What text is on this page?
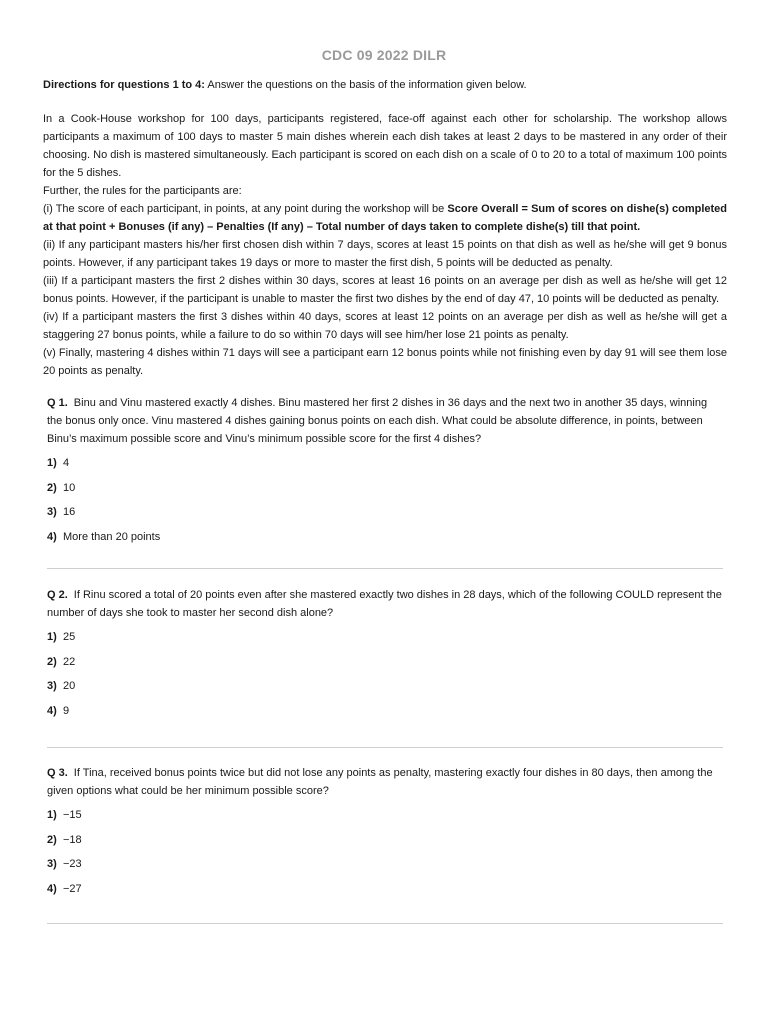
CDC 09 2022 DILR
Directions for questions 1 to 4: Answer the questions on the basis of the information given below.

In a Cook-House workshop for 100 days, participants registered, face-off against each other for scholarship. The workshop allows participants a maximum of 100 days to master 5 main dishes wherein each dish takes at least 2 days to be mastered in any order of their choosing. No dish is mastered simultaneously. Each participant is scored on each dish on a scale of 0 to 20 to a total of maximum 100 points for the 5 dishes.

Further, the rules for the participants are:

(i) The score of each participant, in points, at any point during the workshop will be Score Overall = Sum of scores on dishe(s) completed at that point + Bonuses (if any) – Penalties (If any) – Total number of days taken to complete dishe(s) till that point.

(ii) If any participant masters his/her first chosen dish within 7 days, scores at least 15 points on that dish as well as he/she will get 9 bonus points. However, if any participant takes 19 days or more to master the first dish, 5 points will be deducted as penalty.

(iii) If a participant masters the first 2 dishes within 30 days, scores at least 16 points on an average per dish as well as he/she will get 12 bonus points. However, if the participant is unable to master the first two dishes by the end of day 47, 10 points will be deducted as penalty.

(iv) If a participant masters the first 3 dishes within 40 days, scores at least 12 points on an average per dish as well as he/she will get a staggering 27 bonus points, while a failure to do so within 70 days will see him/her lose 21 points as penalty.

(v) Finally, mastering 4 dishes within 71 days will see a participant earn 12 bonus points while not finishing even by day 91 will see them lose 20 points as penalty.

Q 1. Binu and Vinu mastered exactly 4 dishes. Binu mastered her first 2 dishes in 36 days and the next two in another 35 days, winning the bonus only once. Vinu mastered 4 dishes gaining bonus points on each dish. What could be absolute difference, in points, between Binu’s maximum possible score and Vinu’s minimum possible score for the first 4 dishes?

1) 4
2) 10
3) 16
4) More than 20 points

Q 2. If Rinu scored a total of 20 points even after she mastered exactly two dishes in 28 days, which of the following COULD represent the number of days she took to master her second dish alone?

1) 25
2) 22
3) 20
4) 9

Q 3. If Tina, received bonus points twice but did not lose any points as penalty, mastering exactly four dishes in 80 days, then among the given options what could be her minimum possible score?

1) −15
2) −18
3) −23
4) −27
